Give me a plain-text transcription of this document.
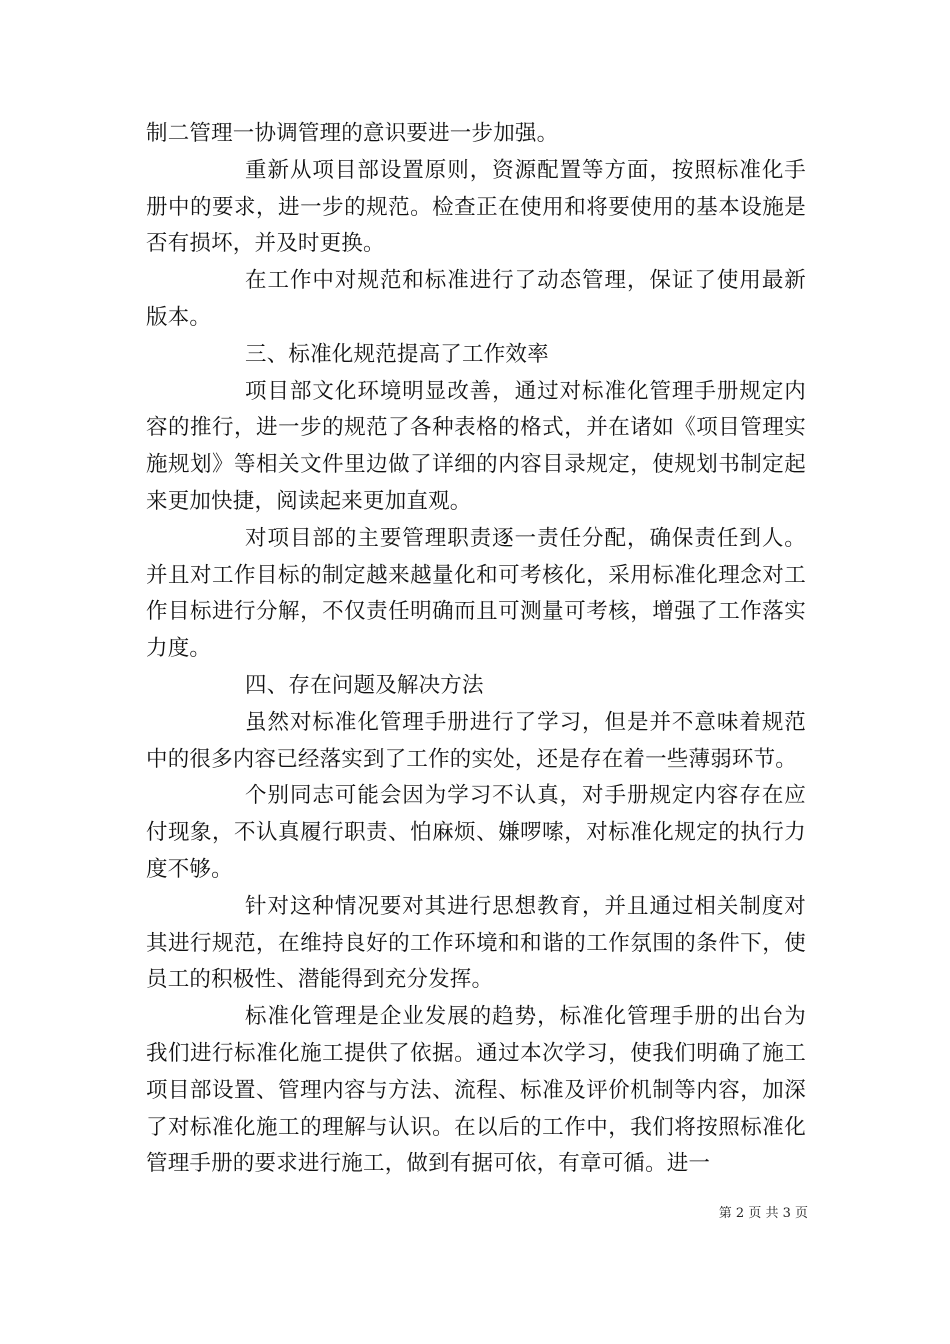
制二管理一协调管理的意识要进一步加强。

重新从项目部设置原则，资源配置等方面，按照标准化手册中的要求，进一步的规范。检查正在使用和将要使用的基本设施是否有损坏，并及时更换。

在工作中对规范和标准进行了动态管理，保证了使用最新版本。

三、标准化规范提高了工作效率

项目部文化环境明显改善，通过对标准化管理手册规定内容的推行，进一步的规范了各种表格的格式，并在诸如《项目管理实施规划》等相关文件里边做了详细的内容目录规定，使规划书制定起来更加快捷，阅读起来更加直观。

对项目部的主要管理职责逐一责任分配，确保责任到人。并且对工作目标的制定越来越量化和可考核化，采用标准化理念对工作目标进行分解，不仅责任明确而且可测量可考核，增强了工作落实力度。

四、存在问题及解决方法

虽然对标准化管理手册进行了学习，但是并不意味着规范中的很多内容已经落实到了工作的实处，还是存在着一些薄弱环节。

个别同志可能会因为学习不认真，对手册规定内容存在应付现象，不认真履行职责、怕麻烦、嫌啰嗦，对标准化规定的执行力度不够。

针对这种情况要对其进行思想教育，并且通过相关制度对其进行规范，在维持良好的工作环境和和谐的工作氛围的条件下，使员工的积极性、潜能得到充分发挥。

标准化管理是企业发展的趋势，标准化管理手册的出台为我们进行标准化施工提供了依据。通过本次学习，使我们明确了施工项目部设置、管理内容与方法、流程、标准及评价机制等内容，加深了对标准化施工的理解与认识。在以后的工作中，我们将按照标准化管理手册的要求进行施工，做到有据可依，有章可循。进一

第 2 页 共 3 页
